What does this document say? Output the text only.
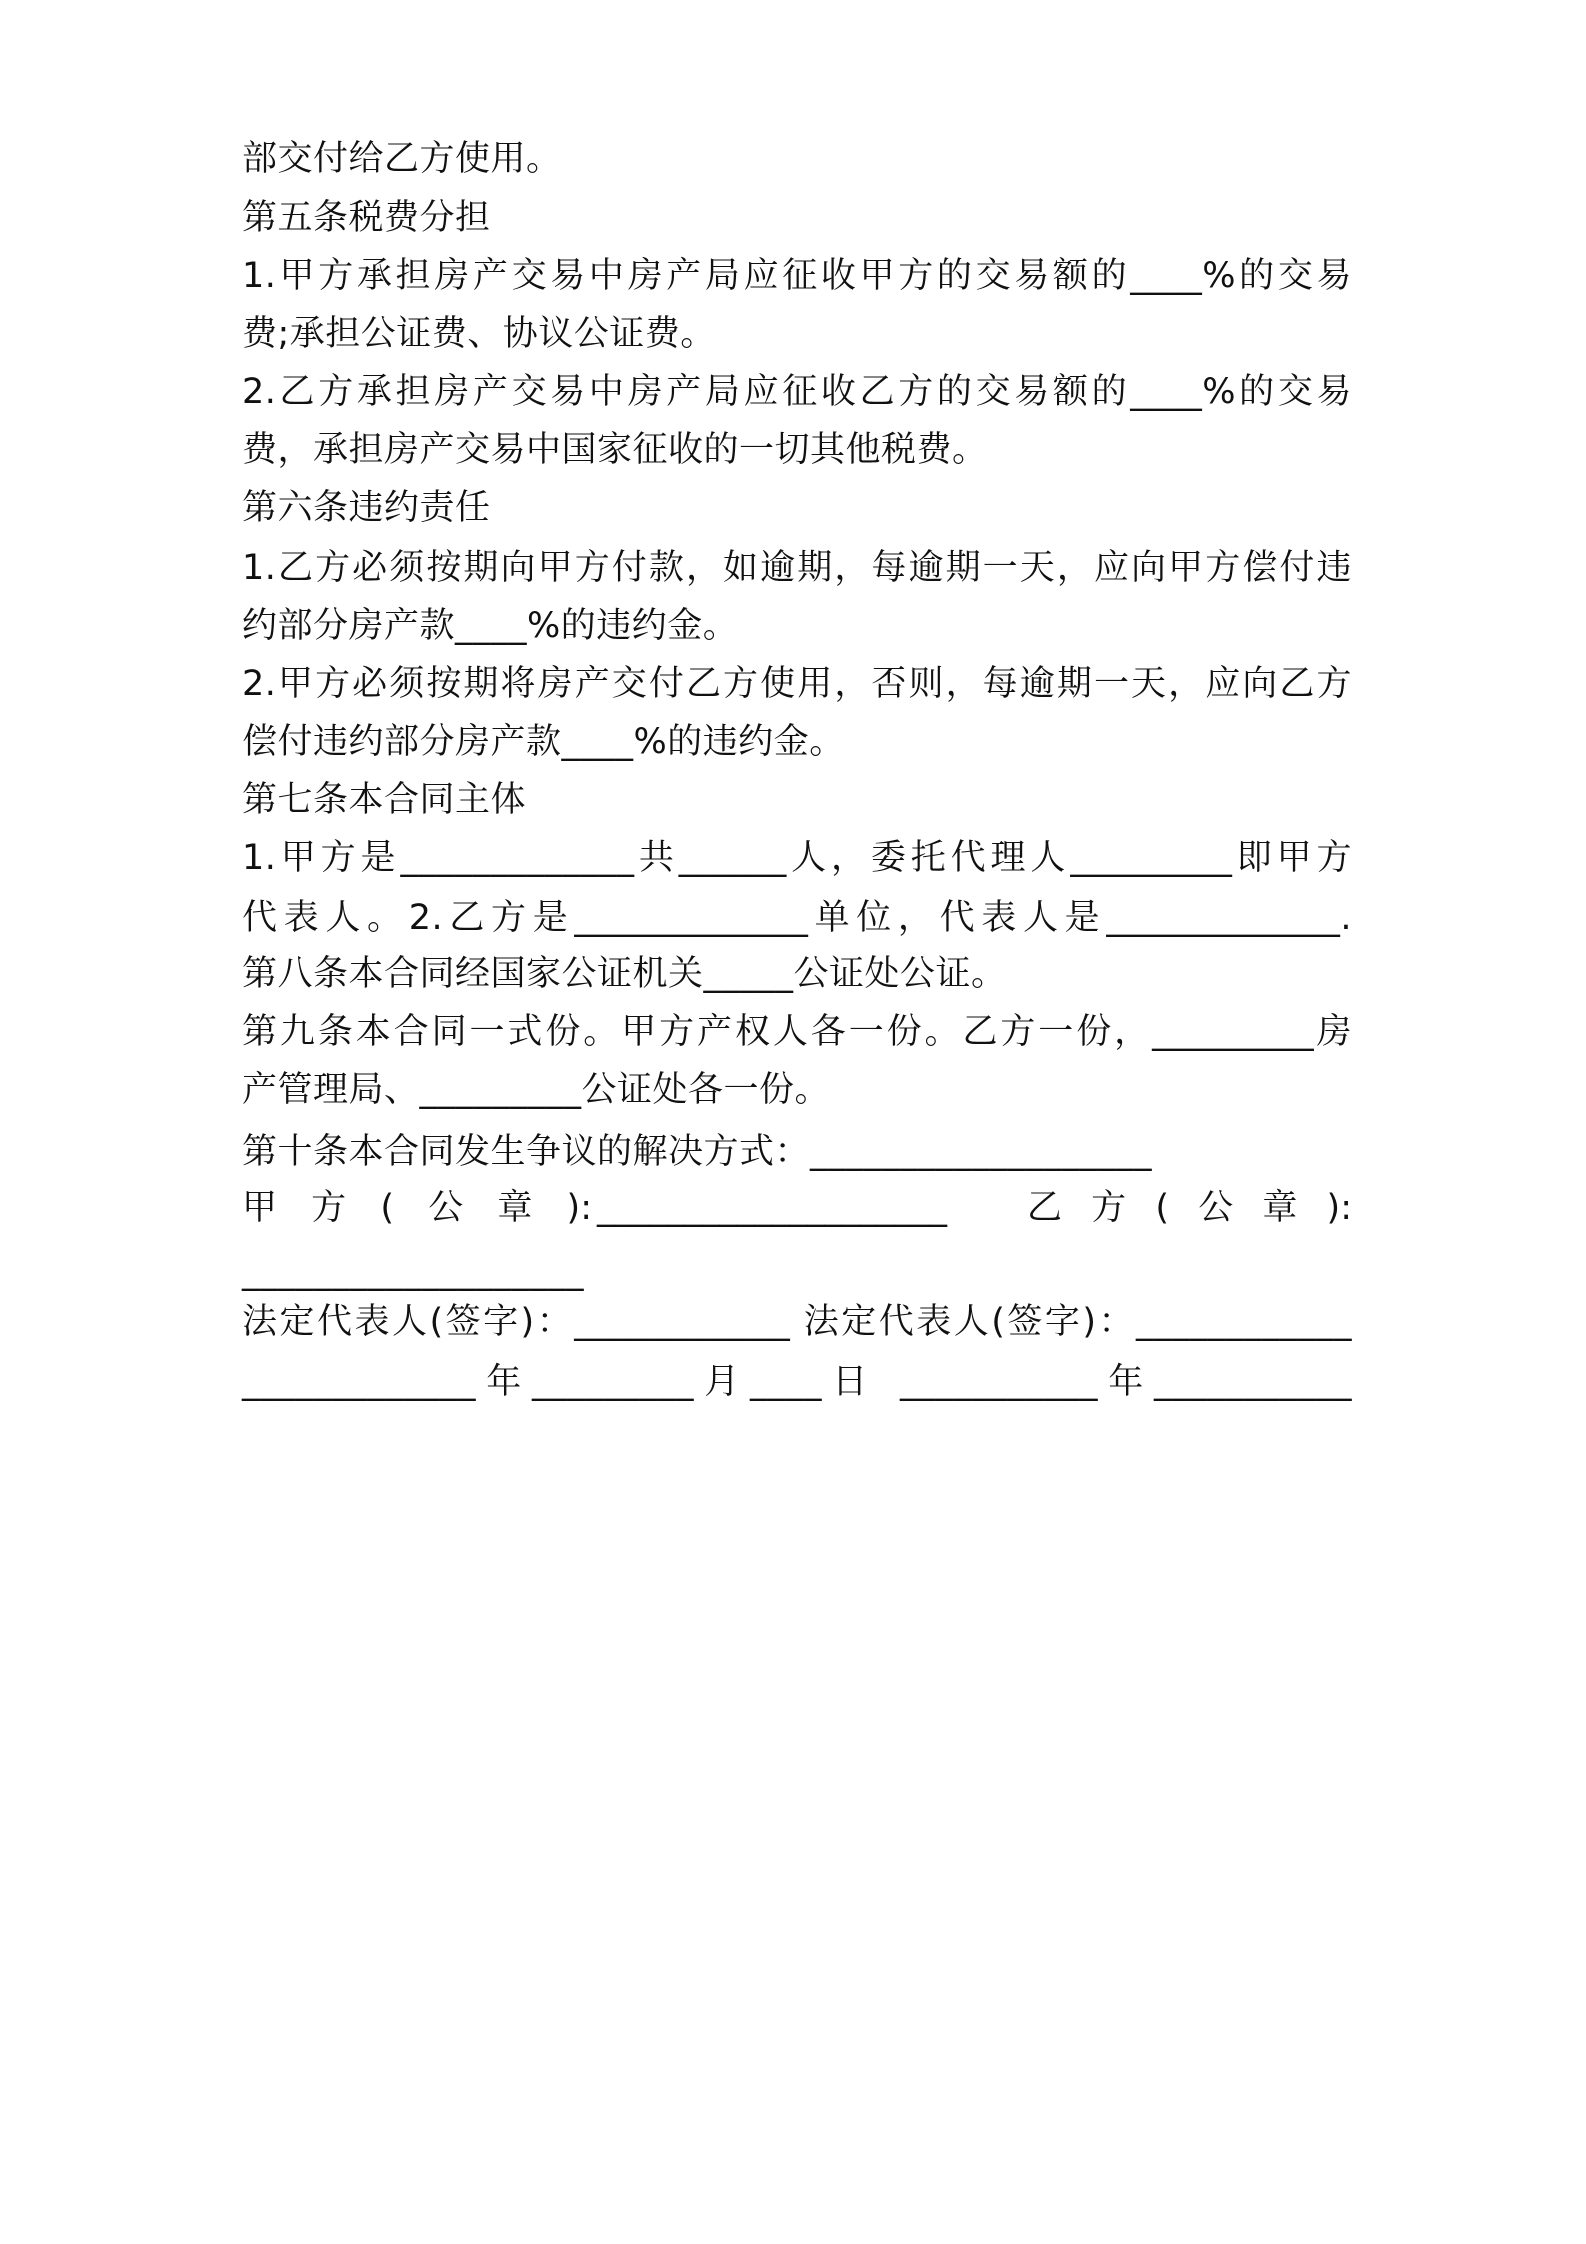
部交付给乙方使用。
第五条税费分担
1.甲方承担房产交易中房产局应征收甲方的交易额的____%的交易
费;承担公证费、协议公证费。
2.乙方承担房产交易中房产局应征收乙方的交易额的____%的交易
费，承担房产交易中国家征收的一切其他税费。
第六条违约责任
1.乙方必须按期向甲方付款，如逾期，每逾期一天，应向甲方偿付违
约部分房产款____%的违约金。
2.甲方必须按期将房产交付乙方使用，否则，每逾期一天，应向乙方
偿付违约部分房产款____%的违约金。
第七条本合同主体
1.甲方是_____________共______人，委托代理人_________即甲方
代表人。2.乙方是_____________单位，代表人是_____________.
第八条本合同经国家公证机关_____公证处公证。
第九条本合同一式份。甲方产权人各一份。乙方一份，_________房
产管理局、_________公证处各一份。
第十条本合同发生争议的解决方式：___________________
甲方(公章): ____________________ 乙方(公章):
___________________
法定代表人(签字)：____________ 法定代表人(签字)：____________
_____________年_________月____日 ___________年___________
